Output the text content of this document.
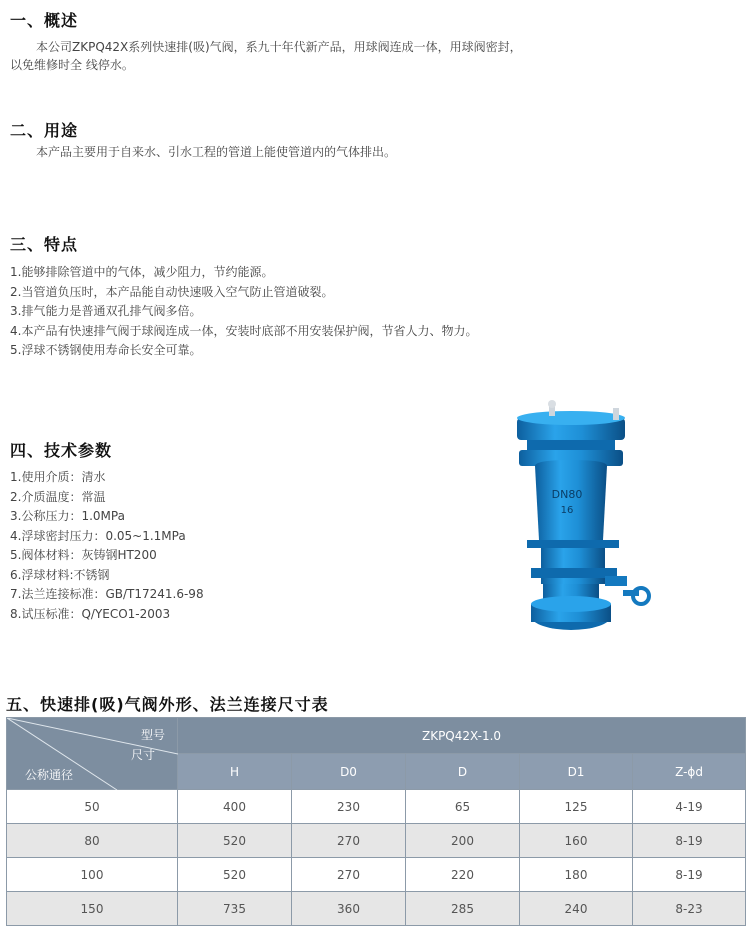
一、概述
本公司ZKPQ42X系列快速排(吸)气阀，系九十年代新产品，用球阀连成一体，用球阀密封，
以免维修时全 线停水。
二、用途
本产品主要用于自来水、引水工程的管道上能使管道内的气体排出。
三、特点
1.能够排除管道中的气体，减少阻力，节约能源。
2.当管道负压时，本产品能自动快速吸入空气防止管道破裂。
3.排气能力是普通双孔排气阀多倍。
4.本产品有快速排气阀于球阀连成一体，安装时底部不用安装保护阀，节省人力、物力。
5.浮球不锈钢使用寿命长安全可靠。
四、技术参数
1.使用介质：清水
2.介质温度：常温
3.公称压力：1.0MPa
4.浮球密封压力：0.05~1.1MPa
5.阀体材料：灰铸钢HT200
6.浮球材料:不锈钢
7.法兰连接标准：GB/T17241.6-98
8.试压标准：Q/YECO1-2003
DN80
16
五、快速排(吸)气阀外形、法兰连接尺寸表
型号
尺寸
公称通径	ZKPQ42X-1.0				
	H	D0	D	D1	Z-ϕd
50	400	230	65	125	4-19
80	520	270	200	160	8-19
100	520	270	220	180	8-19
150	735	360	285	240	8-23
